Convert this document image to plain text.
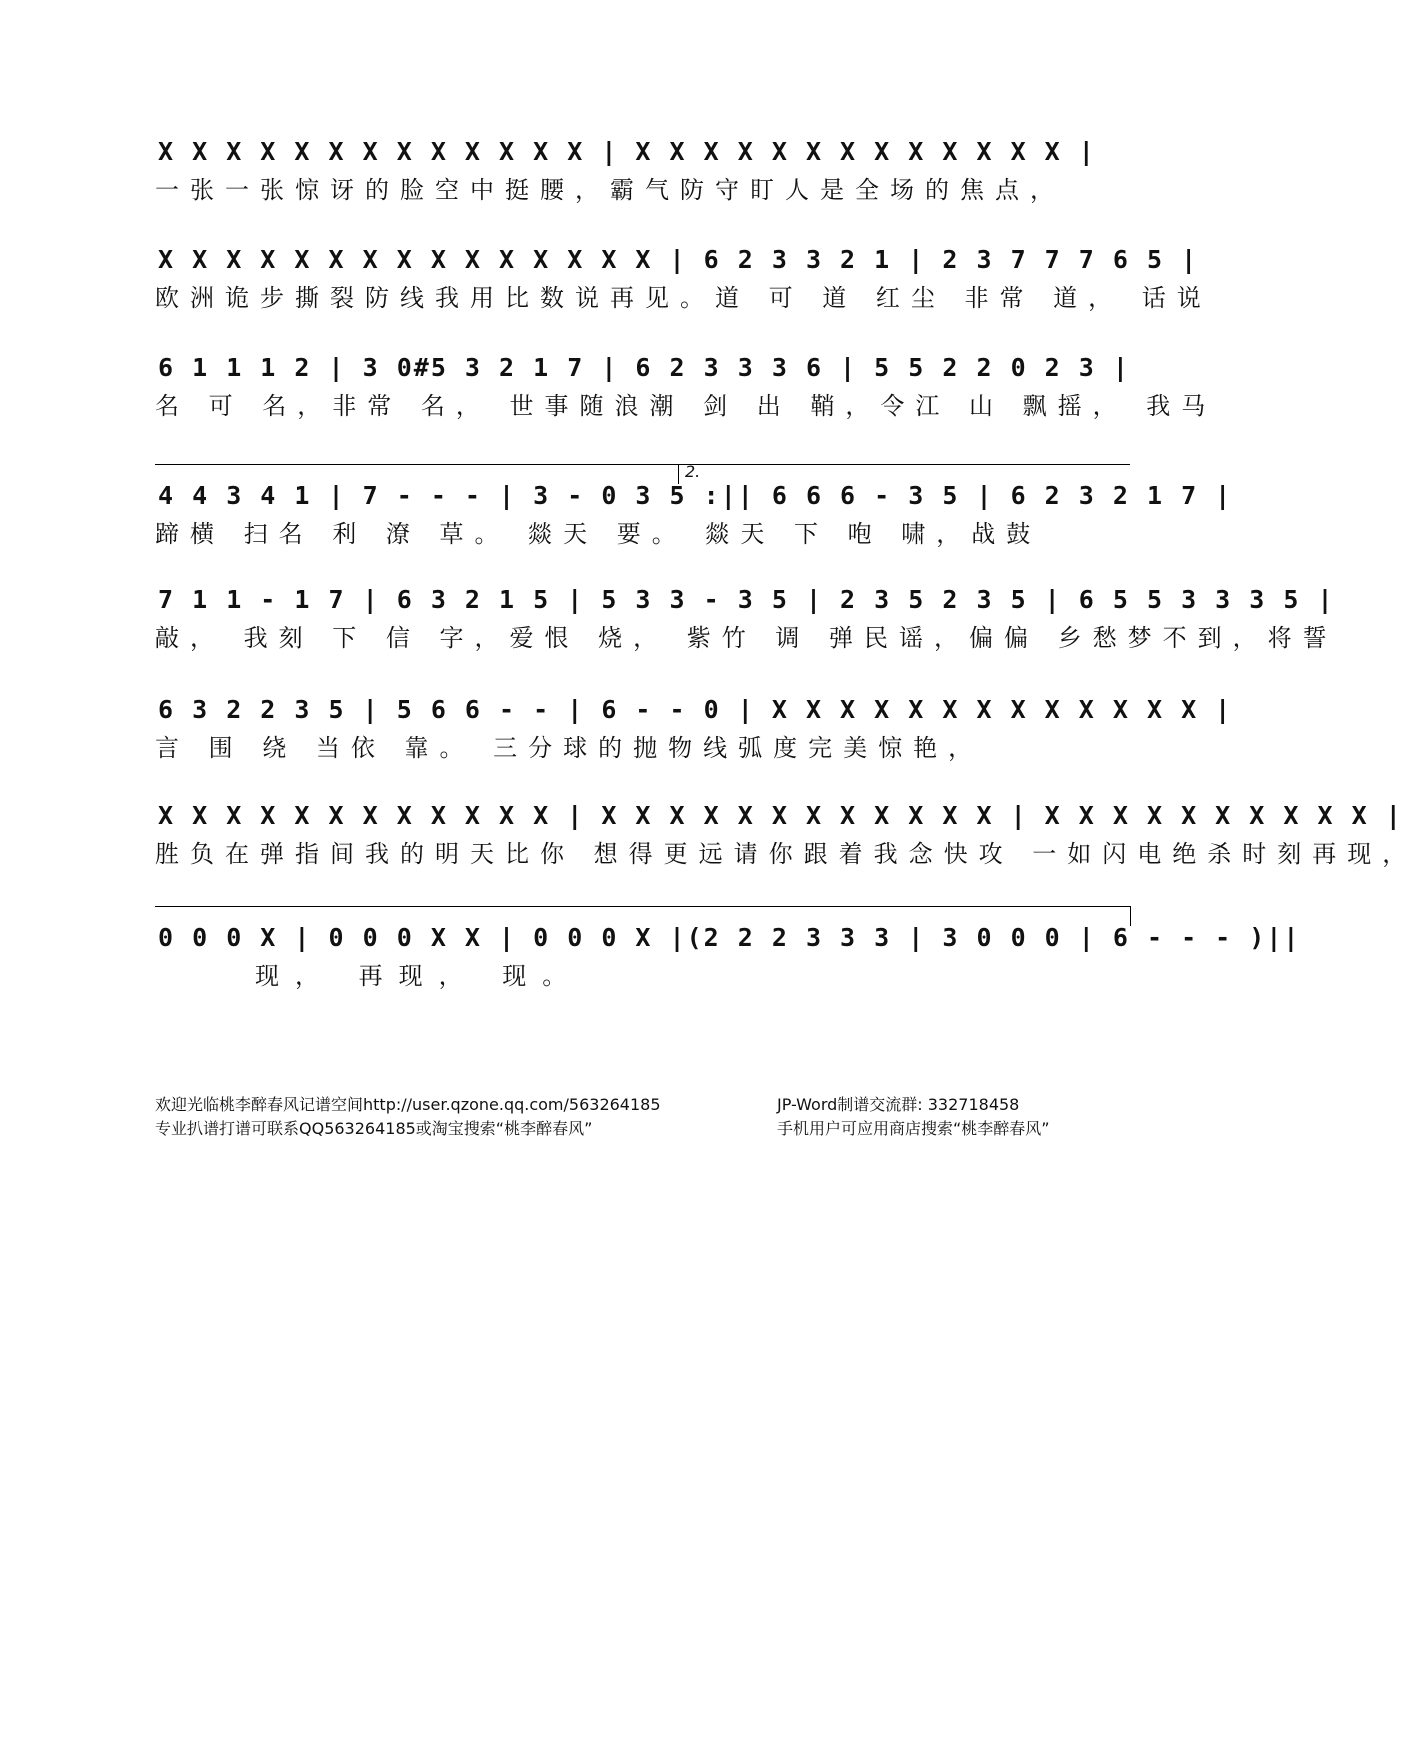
X X X X X X X X X X X X X | X X X X X X X X X X X X X |
一张一张惊讶的脸空中挺腰，霸气防守盯人是全场的焦点，
X X X X X X X X X X X X X X X | 6 2 3 3 2 1 | 2 3 7 7 7 6 5 |
欧洲诡步撕裂防线我用比数说再见。道 可 道 红尘 非常 道， 话说
6 1 1 1 2 | 3 0#5 3 2 1 7 | 6 2 3 3 3 6 | 5 5 2 2 0 2 3 |
名 可 名，非常 名， 世事随浪潮 剑 出 鞘，令江 山 飘摇， 我马
2.
4 4 3 4 1 | 7 - - - | 3 - 0 3 5 :|| 6 6 6 - 3 5 | 6 2 3 2 1 7 |
蹄横 扫名 利 潦 草。 燚天 要。 燚天 下 咆 啸，战鼓
7 1 1 - 1 7 | 6 3 2 1 5 | 5 3 3 - 3 5 | 2 3 5 2 3 5 | 6 5 5 3 3 3 5 |
敲， 我刻 下 信 字，爱恨 烧， 紫竹 调 弹民谣，偏偏 乡愁梦不到，将誓
6 3 2 2 3 5 | 5 6 6 - - | 6 - - 0 | X X X X X X X X X X X X X |
言 围 绕 当依 靠。 三分球的抛物线弧度完美惊艳，
X X X X X X X X X X X X | X X X X X X X X X X X X | X X X X X X X X X X |
胜负在弹指间我的明天比你 想得更远请你跟着我念快攻 一如闪电绝杀时刻再现，
0 0 0 X | 0 0 0 X X | 0 0 0 X |(2 2 2 3 3 3 | 3 0 0 0 | 6 - - - )||
现， 再现， 现。
欢迎光临桃李醉春风记谱空间http://user.qzone.qq.com/563264185	JP-Word制谱交流群: 332718458
专业扒谱打谱可联系QQ563264185或淘宝搜索“桃李醉春风”	手机用户可应用商店搜索“桃李醉春风”
